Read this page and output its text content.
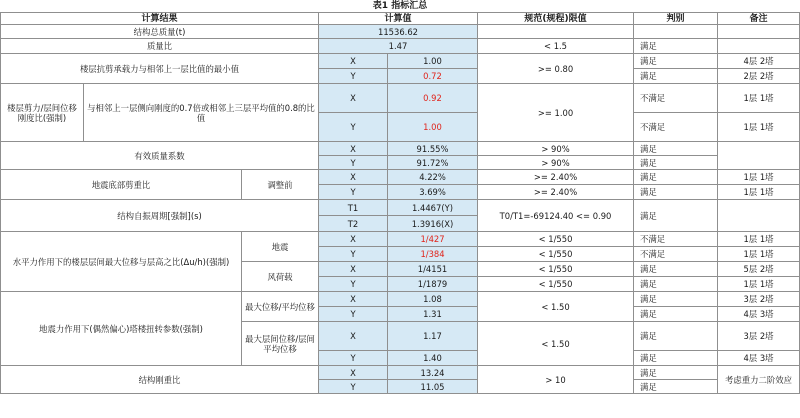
表1 指标汇总
计算结果			计算值		规范(规程)限值	判别	备注
结构总质量(t)			11536.62				
质量比			1.47		< 1.5	满足	
楼层抗剪承载力与相邻上一层比值的最小值			X	1.00	>= 0.80	满足	4层 2塔
			Y	0.72		满足	2层 2塔
楼层剪力/层间位移刚度比(强制)	与相邻上一层侧向刚度的0.7倍或相邻上三层平均值的0.8的比值		X	0.92	>= 1.00	不满足	1层 1塔
			Y	1.00		不满足	1层 1塔
有效质量系数			X	91.55%	> 90%	满足	
			Y	91.72%	> 90%	满足	
地震底部剪重比		调整前	X	4.22%	>= 2.40%	满足	1层 1塔
			Y	3.69%	>= 2.40%	满足	1层 1塔
结构自振周期[强制](s)			T1	1.4467(Y)	T0/T1=-69124.40 <= 0.90	满足	
			T2	1.3916(X)			
水平力作用下的楼层层间最大位移与层高之比(Δu/h)(强制)		地震	X	1/427	< 1/550	不满足	1层 1塔
			Y	1/384	< 1/550	不满足	1层 1塔
		风荷载	X	1/4151	< 1/550	满足	5层 2塔
			Y	1/1879	< 1/550	满足	1层 1塔
地震力作用下(偶然偏心)塔楼扭转参数(强制)		最大位移/平均位移	X	1.08	< 1.50	满足	3层 2塔
			Y	1.31		满足	4层 3塔
		最大层间位移/层间平均位移	X	1.17	< 1.50	满足	3层 2塔
			Y	1.40		满足	4层 3塔
结构刚重比			X	13.24	> 10	满足	考虑重力二阶效应
			Y	11.05		满足	
